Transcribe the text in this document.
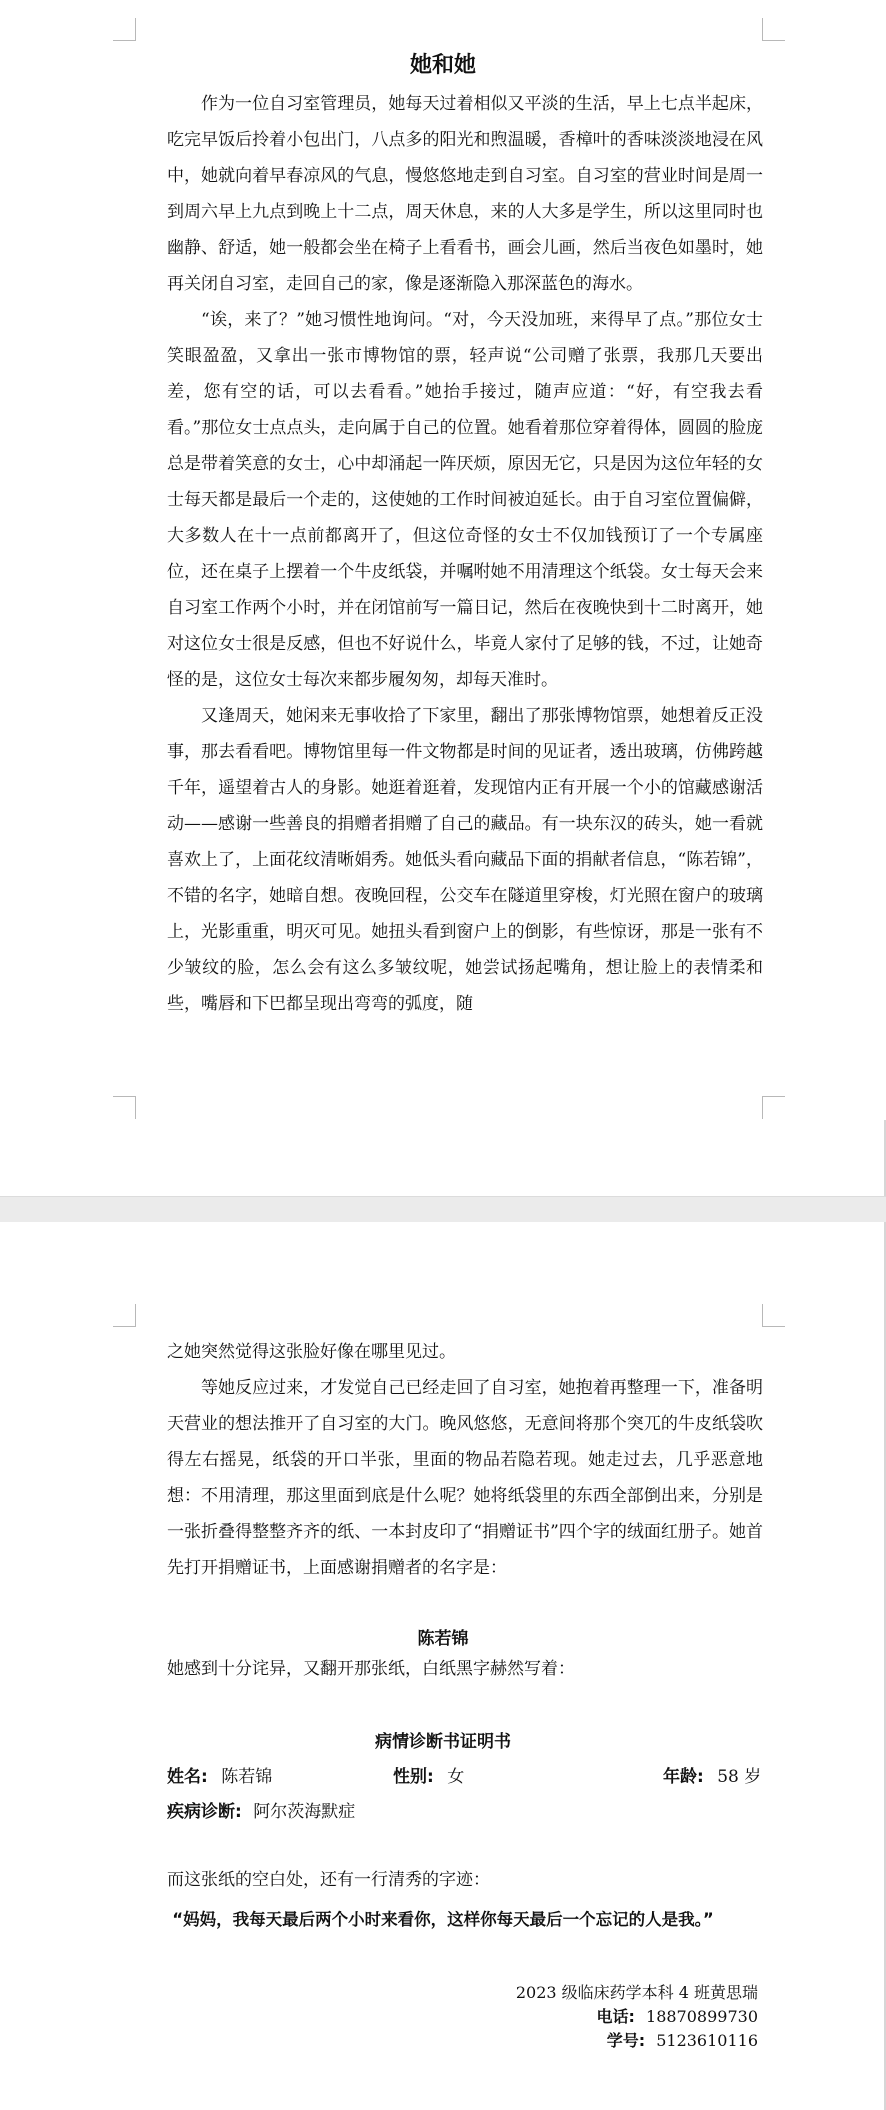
她和她

作为一位自习室管理员，她每天过着相似又平淡的生活，早上七点半起床，吃完早饭后拎着小包出门，八点多的阳光和煦温暖，香樟叶的香味淡淡地浸在风中，她就向着早春凉风的气息，慢悠悠地走到自习室。自习室的营业时间是周一到周六早上九点到晚上十二点，周天休息，来的人大多是学生，所以这里同时也幽静、舒适，她一般都会坐在椅子上看看书，画会儿画，然后当夜色如墨时，她再关闭自习室，走回自己的家，像是逐渐隐入那深蓝色的海水。

“诶，来了？”她习惯性地询问。“对，今天没加班，来得早了点。”那位女士笑眼盈盈，又拿出一张市博物馆的票，轻声说“公司赠了张票，我那几天要出差，您有空的话，可以去看看。”她抬手接过，随声应道：“好，有空我去看看。”那位女士点点头，走向属于自己的位置。她看着那位穿着得体，圆圆的脸庞总是带着笑意的女士，心中却涌起一阵厌烦，原因无它，只是因为这位年轻的女士每天都是最后一个走的，这使她的工作时间被迫延长。由于自习室位置偏僻，大多数人在十一点前都离开了，但这位奇怪的女士不仅加钱预订了一个专属座位，还在桌子上摆着一个牛皮纸袋，并嘱咐她不用清理这个纸袋。女士每天会来自习室工作两个小时，并在闭馆前写一篇日记，然后在夜晚快到十二时离开，她对这位女士很是反感，但也不好说什么，毕竟人家付了足够的钱，不过，让她奇怪的是，这位女士每次来都步履匆匆，却每天准时。

又逢周天，她闲来无事收拾了下家里，翻出了那张博物馆票，她想着反正没事，那去看看吧。博物馆里每一件文物都是时间的见证者，透出玻璃，仿佛跨越千年，遥望着古人的身影。她逛着逛着，发现馆内正有开展一个小的馆藏感谢活动——感谢一些善良的捐赠者捐赠了自己的藏品。有一块东汉的砖头，她一看就喜欢上了，上面花纹清晰娟秀。她低头看向藏品下面的捐献者信息，“陈若锦”，不错的名字，她暗自想。夜晚回程，公交车在隧道里穿梭，灯光照在窗户的玻璃上，光影重重，明灭可见。她扭头看到窗户上的倒影，有些惊讶，那是一张有不少皱纹的脸，怎么会有这么多皱纹呢，她尝试扬起嘴角，想让脸上的表情柔和些，嘴唇和下巴都呈现出弯弯的弧度，随

之她突然觉得这张脸好像在哪里见过。

等她反应过来，才发觉自己已经走回了自习室，她抱着再整理一下，准备明天营业的想法推开了自习室的大门。晚风悠悠，无意间将那个突兀的牛皮纸袋吹得左右摇晃，纸袋的开口半张，里面的物品若隐若现。她走过去，几乎恶意地想：不用清理，那这里面到底是什么呢？她将纸袋里的东西全部倒出来，分别是一张折叠得整整齐齐的纸、一本封皮印了“捐赠证书”四个字的绒面红册子。她首先打开捐赠证书，上面感谢捐赠者的名字是：

陈若锦
她感到十分诧异，又翻开那张纸，白纸黑字赫然写着：
病情诊断书证明书
姓名: 陈若锦	性别: 女	年龄: 58 岁
疾病诊断: 阿尔茨海默症
而这张纸的空白处，还有一行清秀的字迹：
“妈妈，我每天最后两个小时来看你，这样你每天最后一个忘记的人是我。”
2023 级临床药学本科 4 班黄思瑞
电话: 18870899730
学号: 5123610116
